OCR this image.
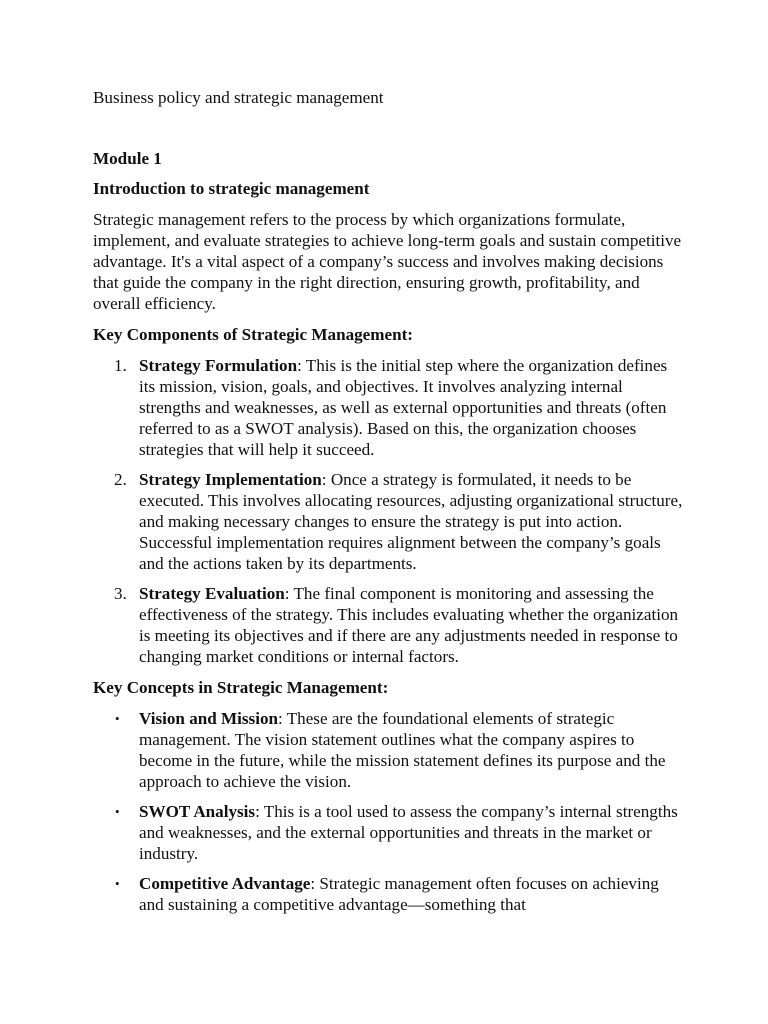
Business policy and strategic management

Module 1

Introduction to strategic management

Strategic management refers to the process by which organizations formulate, implement, and evaluate strategies to achieve long-term goals and sustain competitive advantage. It's a vital aspect of a company’s success and involves making decisions that guide the company in the right direction, ensuring growth, profitability, and overall efficiency.

Key Components of Strategic Management:

1. Strategy Formulation: This is the initial step where the organization defines its mission, vision, goals, and objectives. It involves analyzing internal strengths and weaknesses, as well as external opportunities and threats (often referred to as a SWOT analysis). Based on this, the organization chooses strategies that will help it succeed.
2. Strategy Implementation: Once a strategy is formulated, it needs to be executed. This involves allocating resources, adjusting organizational structure, and making necessary changes to ensure the strategy is put into action. Successful implementation requires alignment between the company’s goals and the actions taken by its departments.
3. Strategy Evaluation: The final component is monitoring and assessing the effectiveness of the strategy. This includes evaluating whether the organization is meeting its objectives and if there are any adjustments needed in response to changing market conditions or internal factors.

Key Concepts in Strategic Management:

• Vision and Mission: These are the foundational elements of strategic management. The vision statement outlines what the company aspires to become in the future, while the mission statement defines its purpose and the approach to achieve the vision.
• SWOT Analysis: This is a tool used to assess the company’s internal strengths and weaknesses, and the external opportunities and threats in the market or industry.
• Competitive Advantage: Strategic management often focuses on achieving and sustaining a competitive advantage—something that
